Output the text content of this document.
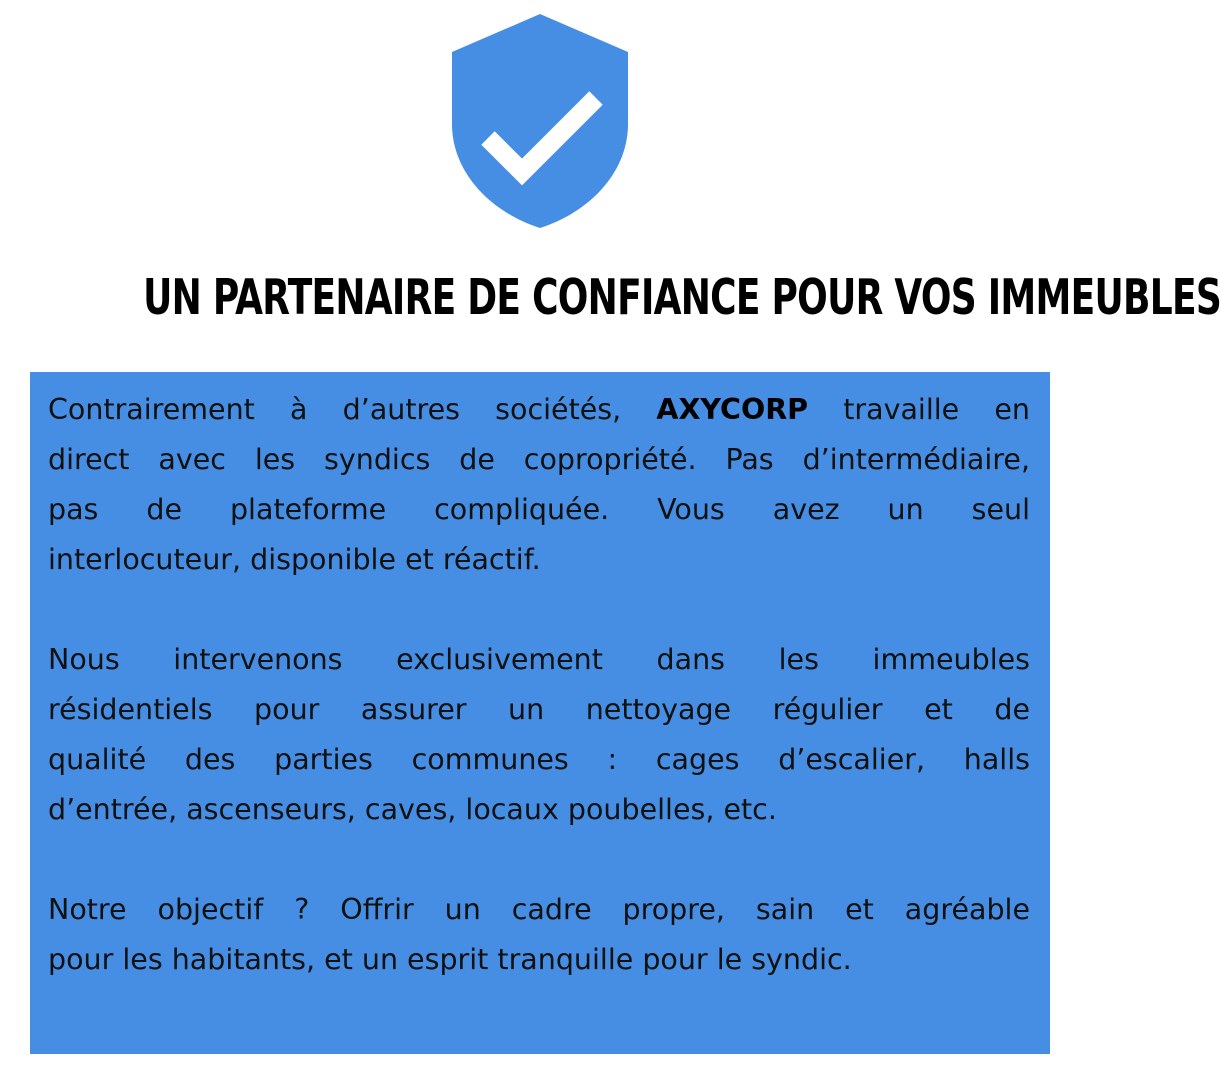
UN PARTENAIRE DE CONFIANCE POUR VOS IMMEUBLES

Contrairement à d’autres sociétés, AXYCORP travaille en
direct avec les syndics de copropriété. Pas d’intermédiaire,
pas de plateforme compliquée. Vous avez un seul
interlocuteur, disponible et réactif.

Nous intervenons exclusivement dans les immeubles
résidentiels pour assurer un nettoyage régulier et de
qualité des parties communes : cages d’escalier, halls
d’entrée, ascenseurs, caves, locaux poubelles, etc.

Notre objectif ? Offrir un cadre propre, sain et agréable
pour les habitants, et un esprit tranquille pour le syndic.
